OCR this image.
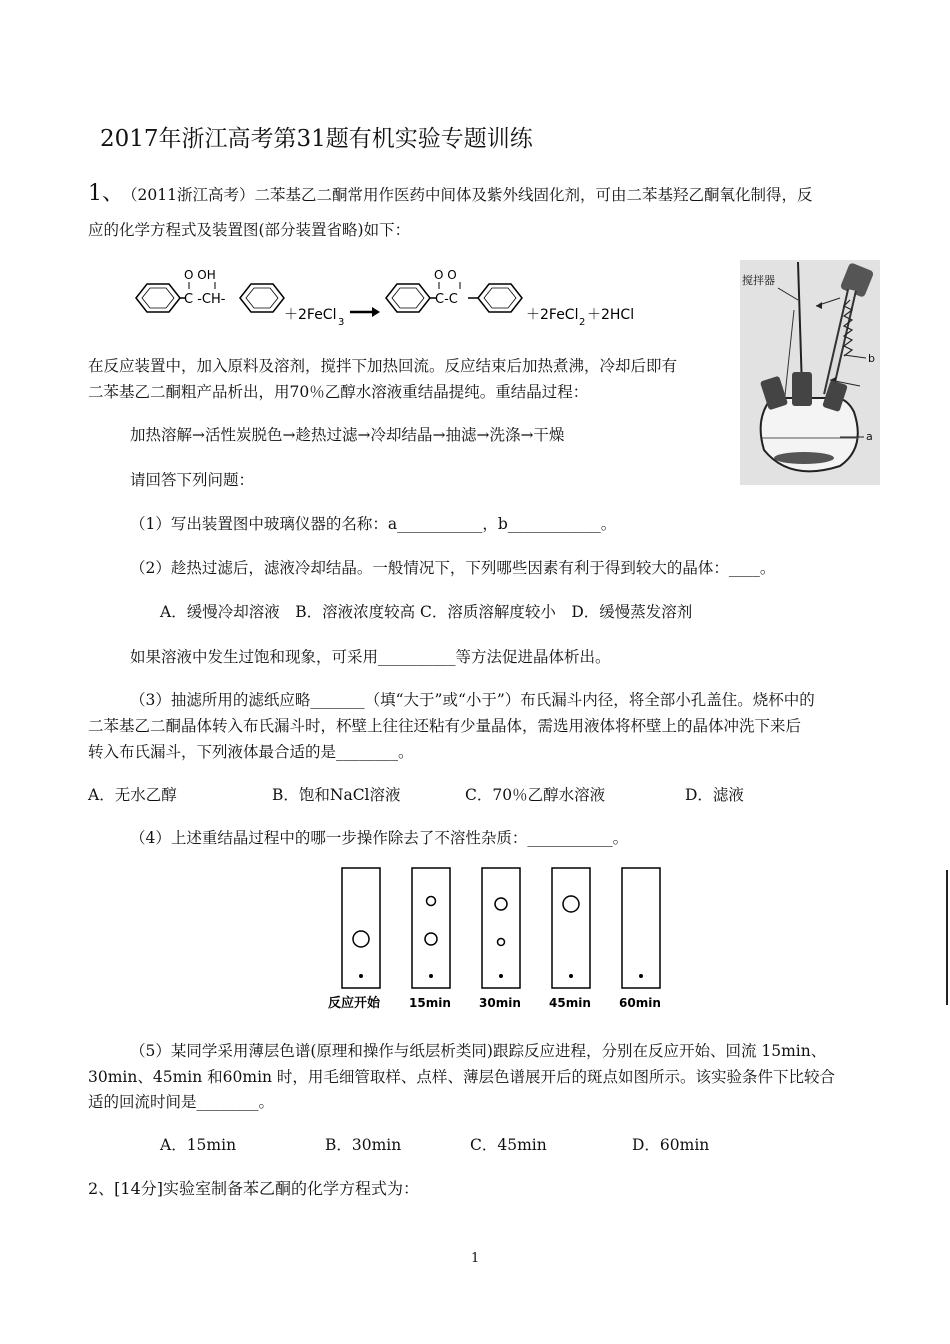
2017年浙江高考第31题有机实验专题训练
1、
（2011浙江高考）二苯基乙二酮常用作医药中间体及紫外线固化剂，可由二苯基羟乙酮氧化制得，反
应的化学方程式及装置图(部分装置省略)如下：
O OH
C -CH-
＋2FeCl 3
O O
C-C
＋2FeCl 2 ＋2HCl
搅拌器
b
a
在反应装置中，加入原料及溶剂，搅拌下加热回流。反应结束后加热煮沸，冷却后即有
二苯基乙二酮粗产品析出，用70％乙醇水溶液重结晶提纯。重结晶过程：
加热溶解→活性炭脱色→趁热过滤→冷却结晶→抽滤→洗涤→干燥
请回答下列问题：
（1）写出装置图中玻璃仪器的名称：a___________，b____________。
（2）趁热过滤后，滤液冷却结晶。一般情况下，下列哪些因素有利于得到较大的晶体：____。
A．缓慢冷却溶液　B．溶液浓度较高 C．溶质溶解度较小　D．缓慢蒸发溶剂
如果溶液中发生过饱和现象，可采用__________等方法促进晶体析出。
（3）抽滤所用的滤纸应略_______（填“大于”或“小于”）布氏漏斗内径，将全部小孔盖住。烧杯中的
二苯基乙二酮晶体转入布氏漏斗时，杯壁上往往还粘有少量晶体，需选用液体将杯壁上的晶体冲洗下来后
转入布氏漏斗，下列液体最合适的是________。
A．无水乙醇	B．饱和NaCl溶液	C．70％乙醇水溶液	D．滤液
（4）上述重结晶过程中的哪一步操作除去了不溶性杂质：___________。
反应开始 15min 30min 45min 60min
（5）某同学采用薄层色谱(原理和操作与纸层析类同)跟踪反应进程，分别在反应开始、回流 15min、
30min、45min 和60min 时，用毛细管取样、点样、薄层色谱展开后的斑点如图所示。该实验条件下比较合
适的回流时间是________。
A．15min	B．30min	C．45min	D．60min
2、[14分]实验室制备苯乙酮的化学方程式为：
1
